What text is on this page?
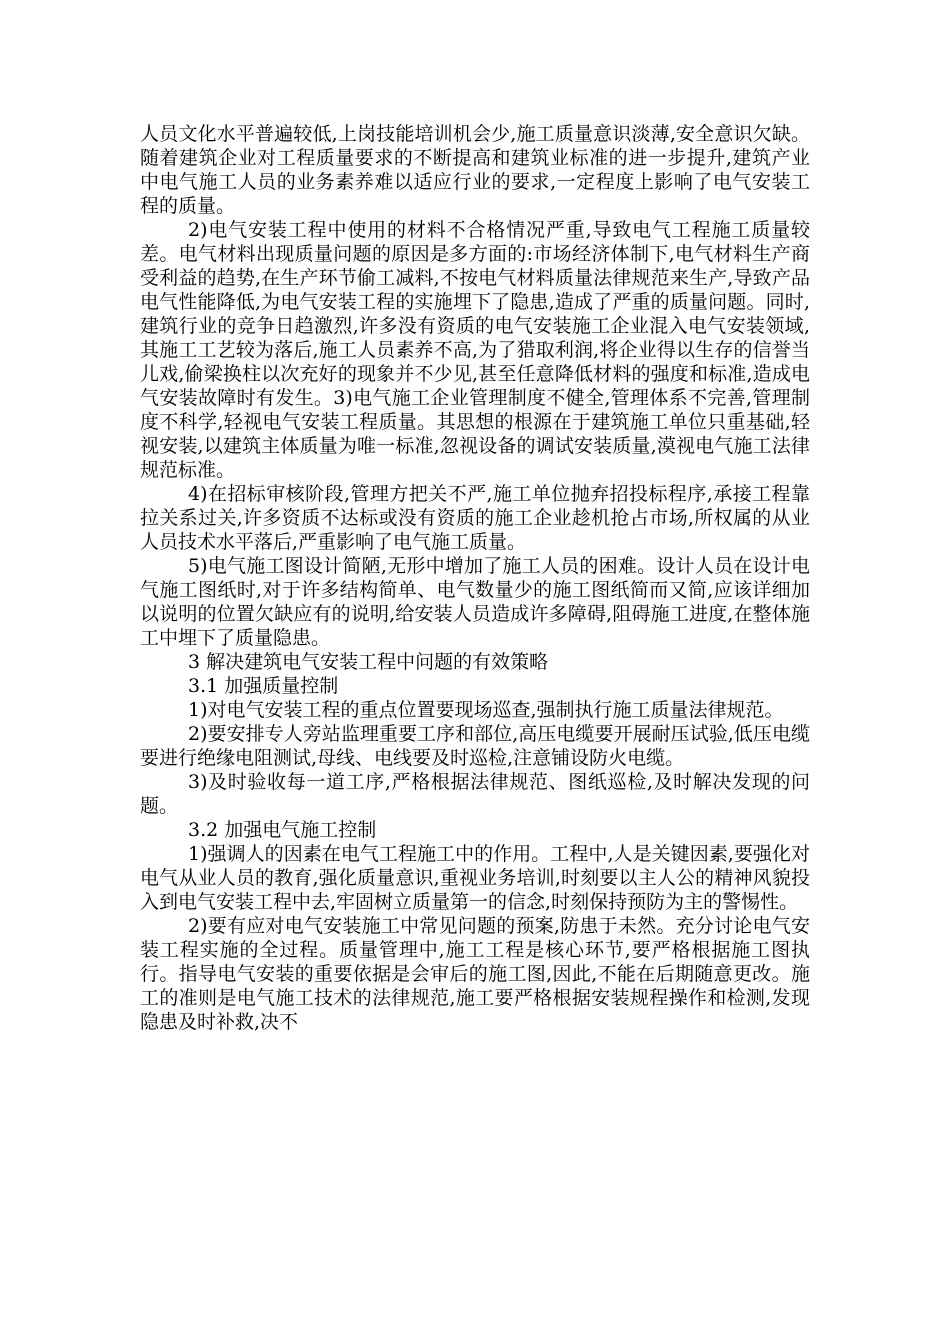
人员文化水平普遍较低,上岗技能培训机会少,施工质量意识淡薄,安全意识欠缺。随着建筑企业对工程质量要求的不断提高和建筑业标准的进一步提升,建筑产业中电气施工人员的业务素养难以适应行业的要求,一定程度上影响了电气安装工程的质量。

2)电气安装工程中使用的材料不合格情况严重,导致电气工程施工质量较差。电气材料出现质量问题的原因是多方面的:市场经济体制下,电气材料生产商受利益的趋势,在生产环节偷工减料,不按电气材料质量法律规范来生产,导致产品电气性能降低,为电气安装工程的实施埋下了隐患,造成了严重的质量问题。同时,建筑行业的竞争日趋激烈,许多没有资质的电气安装施工企业混入电气安装领域,其施工工艺较为落后,施工人员素养不高,为了猎取利润,将企业得以生存的信誉当儿戏,偷梁换柱以次充好的现象并不少见,甚至任意降低材料的强度和标准,造成电气安装故障时有发生。3)电气施工企业管理制度不健全,管理体系不完善,管理制度不科学,轻视电气安装工程质量。其思想的根源在于建筑施工单位只重基础,轻视安装,以建筑主体质量为唯一标准,忽视设备的调试安装质量,漠视电气施工法律规范标准。

4)在招标审核阶段,管理方把关不严,施工单位抛弃招投标程序,承接工程靠拉关系过关,许多资质不达标或没有资质的施工企业趁机抢占市场,所权属的从业人员技术水平落后,严重影响了电气施工质量。

5)电气施工图设计简陋,无形中增加了施工人员的困难。设计人员在设计电气施工图纸时,对于许多结构简单、电气数量少的施工图纸简而又简,应该详细加以说明的位置欠缺应有的说明,给安装人员造成许多障碍,阻碍施工进度,在整体施工中埋下了质量隐患。

3 解决建筑电气安装工程中问题的有效策略

3.1 加强质量控制

1)对电气安装工程的重点位置要现场巡查,强制执行施工质量法律规范。

2)要安排专人旁站监理重要工序和部位,高压电缆要开展耐压试验,低压电缆要进行绝缘电阻测试,母线、电线要及时巡检,注意铺设防火电缆。

3)及时验收每一道工序,严格根据法律规范、图纸巡检,及时解决发现的问题。

3.2 加强电气施工控制

1)强调人的因素在电气工程施工中的作用。工程中,人是关键因素,要强化对电气从业人员的教育,强化质量意识,重视业务培训,时刻要以主人公的精神风貌投入到电气安装工程中去,牢固树立质量第一的信念,时刻保持预防为主的警惕性。

2)要有应对电气安装施工中常见问题的预案,防患于未然。充分讨论电气安装工程实施的全过程。质量管理中,施工工程是核心环节,要严格根据施工图执行。指导电气安装的重要依据是会审后的施工图,因此,不能在后期随意更改。施工的准则是电气施工技术的法律规范,施工要严格根据安装规程操作和检测,发现隐患及时补救,决不
